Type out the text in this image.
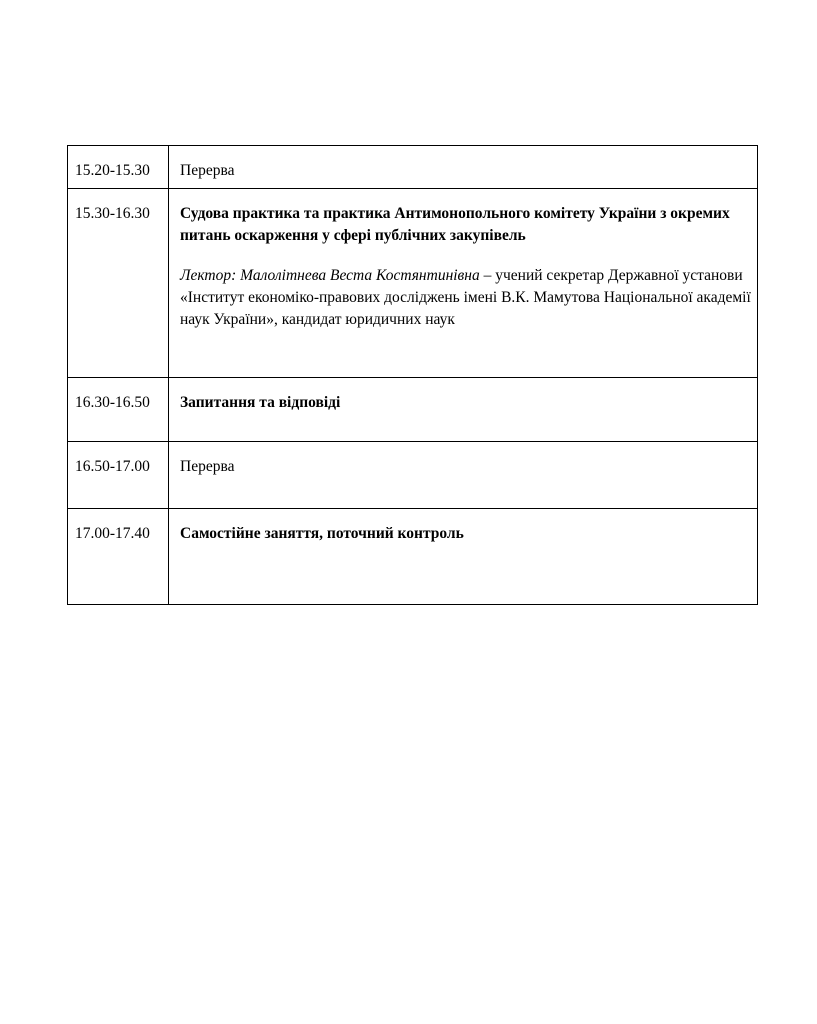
15.20-15.30	Перерва
15.30-16.30	Судова практика та практика Антимонопольного комітету України з окремих питань оскарження у сфері публічних закупівель
Лектор: Малолітнева Веста Костянтинівна – учений секретар Державної установи «Інститут економіко-правових досліджень імені В.К. Мамутова Національної академії наук України», кандидат юридичних наук

16.30-16.50	Запитання та відповіді
16.50-17.00	Перерва
17.00-17.40	Самостійне заняття, поточний контроль
